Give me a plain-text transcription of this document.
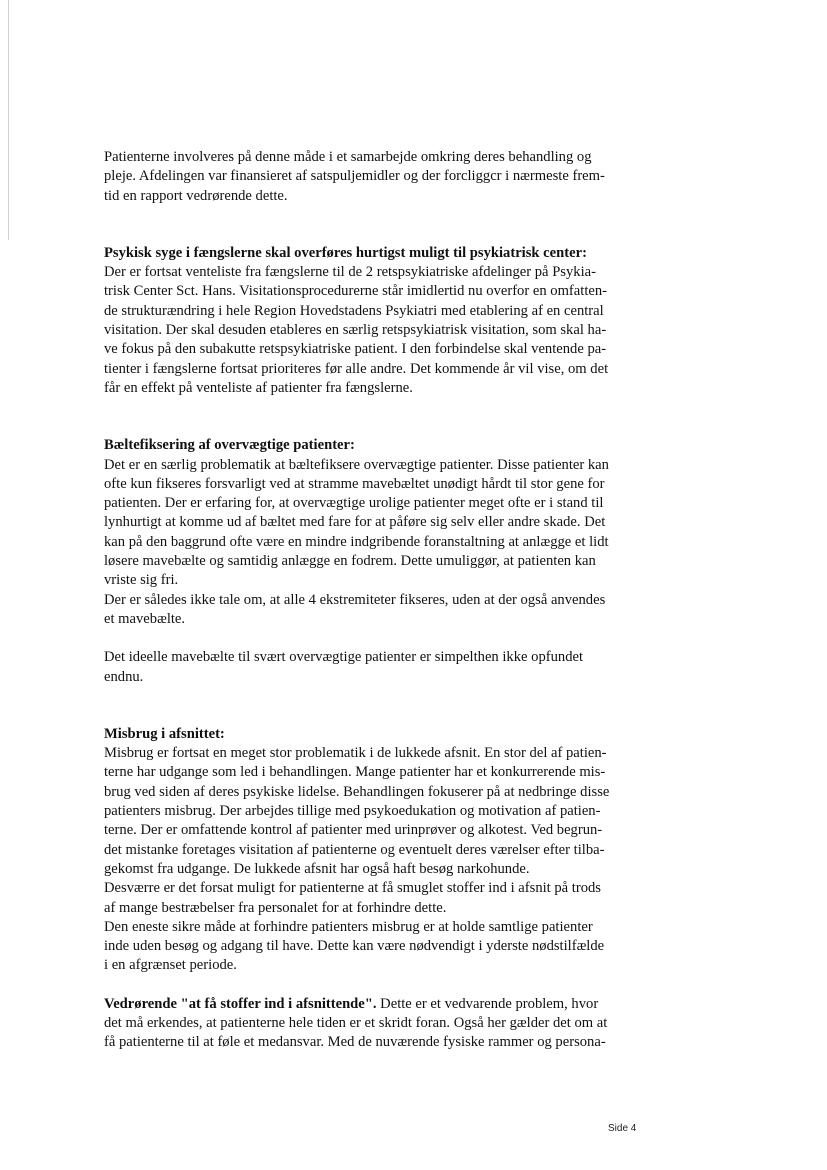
Patienterne involveres på denne måde i et samarbejde omkring deres behandling og
pleje. Afdelingen var finansieret af satspuljemidler og der forcliggcr i nærmeste frem-
tid en rapport vedrørende dette.
Psykisk syge i fængslerne skal overføres hurtigst muligt til psykiatrisk center:
Der er fortsat venteliste fra fængslerne til de 2 retspsykiatriske afdelinger på Psykia-
trisk Center Sct. Hans. Visitationsprocedurerne står imidlertid nu overfor en omfatten-
de strukturændring i hele Region Hovedstadens Psykiatri med etablering af en central
visitation. Der skal desuden etableres en særlig retspsykiatrisk visitation, som skal ha-
ve fokus på den subakutte retspsykiatriske patient. I den forbindelse skal ventende pa-
tienter i fængslerne fortsat prioriteres før alle andre. Det kommende år vil vise, om det
får en effekt på venteliste af patienter fra fængslerne.
Bæltefiksering af overvægtige patienter:
Det er en særlig problematik at bæltefiksere overvægtige patienter. Disse patienter kan
ofte kun fikseres forsvarligt ved at stramme mavebæltet unødigt hårdt til stor gene for
patienten. Der er erfaring for, at overvægtige urolige patienter meget ofte er i stand til
lynhurtigt at komme ud af bæltet med fare for at påføre sig selv eller andre skade. Det
kan på den baggrund ofte være en mindre indgribende foranstaltning at anlægge et lidt
løsere mavebælte og samtidig anlægge en fodrem. Dette umuliggør, at patienten kan
vriste sig fri.
Der er således ikke tale om, at alle 4 ekstremiteter fikseres, uden at der også anvendes
et mavebælte.
Det ideelle mavebælte til svært overvægtige patienter er simpelthen ikke opfundet
endnu.
Misbrug i afsnittet:
Misbrug er fortsat en meget stor problematik i de lukkede afsnit. En stor del af patien-
terne har udgange som led i behandlingen. Mange patienter har et konkurrerende mis-
brug ved siden af deres psykiske lidelse. Behandlingen fokuserer på at nedbringe disse
patienters misbrug. Der arbejdes tillige med psykoedukation og motivation af patien-
terne. Der er omfattende kontrol af patienter med urinprøver og alkotest. Ved begrun-
det mistanke foretages visitation af patienterne og eventuelt deres værelser efter tilba-
gekomst fra udgange. De lukkede afsnit har også haft besøg narkohunde.
Desværre er det forsat muligt for patienterne at få smuglet stoffer ind i afsnit på trods
af mange bestræbelser fra personalet for at forhindre dette.
Den eneste sikre måde at forhindre patienters misbrug er at holde samtlige patienter
inde uden besøg og adgang til have. Dette kan være nødvendigt i yderste nødstilfælde
i en afgrænset periode.
Vedrørende "at få stoffer ind i afsnittende". Dette er et vedvarende problem, hvor
det må erkendes, at patienterne hele tiden er et skridt foran. Også her gælder det om at
få patienterne til at føle et medansvar. Med de nuværende fysiske rammer og persona-
Side 4
